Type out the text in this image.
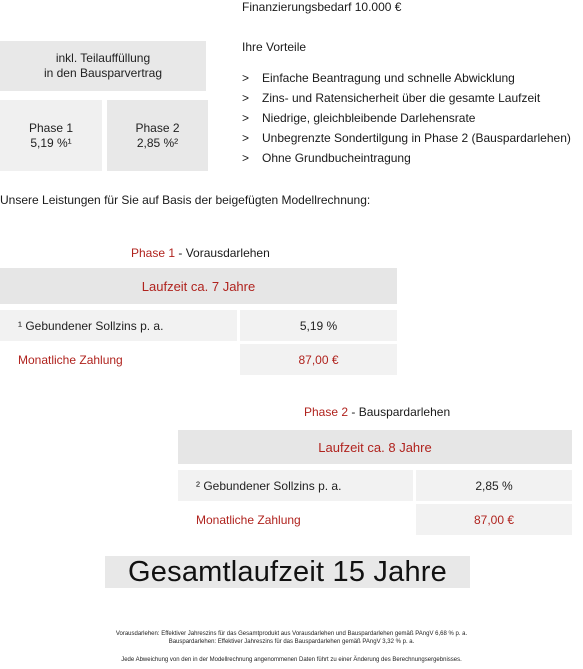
Finanzierungsbedarf 10.000 €
Ihre Vorteile
inkl. Teilauffüllung
in den Bausparvertrag
Phase 1
5,19 %¹
Phase 2
2,85 %²
> Einfache Beantragung und schnelle Abwicklung
> Zins- und Ratensicherheit über die gesamte Laufzeit
> Niedrige, gleichbleibende Darlehensrate
> Unbegrenzte Sondertilgung in Phase 2 (Bauspardarlehen)
> Ohne Grundbucheintragung
Unsere Leistungen für Sie auf Basis der beigefügten Modellrechnung:
Phase 1 - Vorausdarlehen
Laufzeit ca. 7 Jahre
¹ Gebundener Sollzins p. a.	5,19 %
Monatliche Zahlung	87,00 €
Phase 2 - Bauspardarlehen
Laufzeit ca. 8 Jahre
² Gebundener Sollzins p. a.	2,85 %
Monatliche Zahlung	87,00 €
Gesamtlaufzeit 15 Jahre
Vorausdarlehen: Effektiver Jahreszins für das Gesamtprodukt aus Vorausdarlehen und Bauspardarlehen gemäß PAngV 6,68 % p. a.
Bauspardarlehen: Effektiver Jahreszins für das Bauspardarlehen gemäß PAngV 3,32 % p. a.
Jede Abweichung von den in der Modellrechnung angenommenen Daten führt zu einer Änderung des Berechnungsergebnisses.
